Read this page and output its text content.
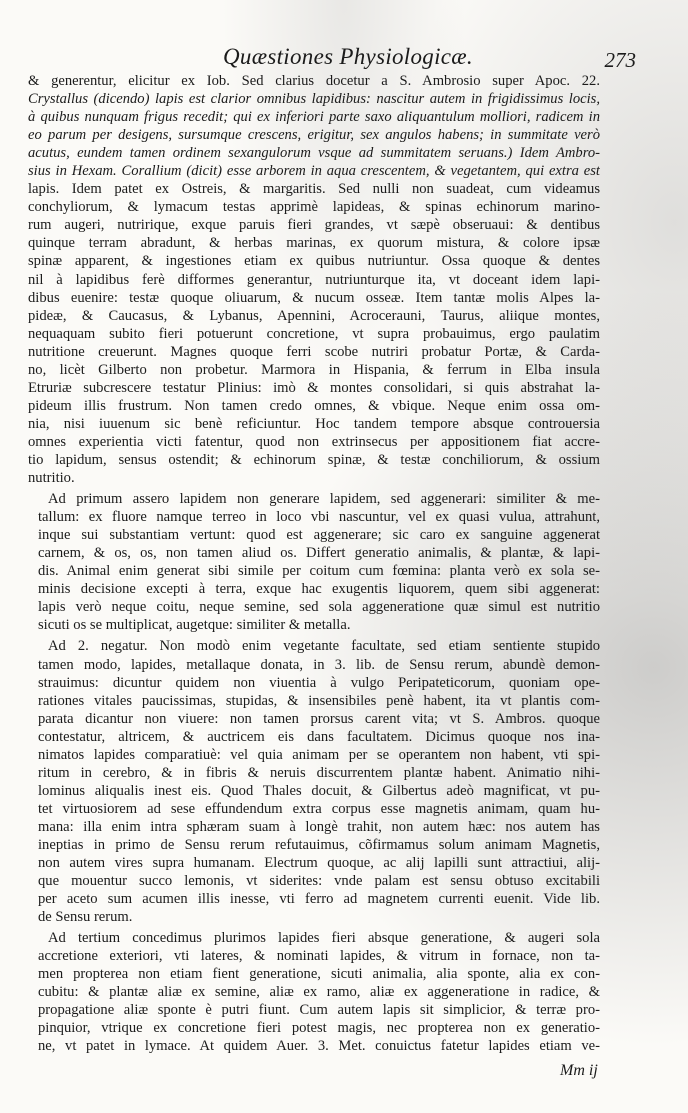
Quæstiones Physiologicæ.	273
& generentur, elicitur ex Iob. Sed clarius docetur a S. Ambrosio super Apoc. 22.
Crystallus (dicendo) lapis est clarior omnibus lapidibus: nascitur autem in frigidissimus locis,
à quibus nunquam frigus recedit; qui ex inferiori parte saxo aliquantulum molliori, radicem in
eo parum per desigens, sursumque crescens, erigitur, sex angulos habens; in summitate verò
acutus, eundem tamen ordinem sexangulorum vsque ad summitatem seruans.) Idem Ambro-
sius in Hexam. Corallium (dicit) esse arborem in aqua crescentem, & vegetantem, qui extra est
lapis. Idem patet ex Ostreis, & margaritis. Sed nulli non suadeat, cum videamus
conchyliorum, & lymacum testas apprimè lapideas, & spinas echinorum marino-
rum augeri, nutririque, exque paruis fieri grandes, vt sæpè obseruaui: & dentibus
quinque terram abradunt, & herbas marinas, ex quorum mistura, & colore ipsæ
spinæ apparent, & ingestiones etiam ex quibus nutriuntur. Ossa quoque & dentes
nil à lapidibus ferè difformes generantur, nutriunturque ita, vt doceant idem lapi-
dibus euenire: testæ quoque oliuarum, & nucum osseæ. Item tantæ molis Alpes la-
pideæ, & Caucasus, & Lybanus, Apennini, Acroceraunі, Taurus, aliique montes,
nequaquam subito fieri potuerunt concretione, vt supra probauimus, ergo paulatim
nutritione creuerunt. Magnes quoque ferri scobe nutriri probatur Portæ, & Cardа-
no, licèt Gilberto non probetur. Marmora in Hispania, & ferrum in Elba insula
Etruriæ subcrescere testatur Plinius: imò & montes consolidari, si quis abstrahat la-
pideum illis frustrum. Non tamen credo omnes, & vbique. Neque enim ossa om-
nia, nisi iuuenum sic benè reficiuntur. Hoc tandem tempore absque controuersia
omnes experientia victi fatentur, quod non extrinsecus per appositionem fiat accre-
tio lapidum, sensus ostendit; & echinorum spinæ, & testæ conchiliorum, & ossium
nutritio.
Ad primum assero lapidem non generare lapidem, sed aggenerari: similiter & me-
tallum: ex fluore namque terreo in loco vbi nascuntur, vel ex quasi vulua, attrahunt,
inque sui substantiam vertunt: quod est aggenerare; sic caro ex sanguine aggenerat
carnem, & os, os, non tamen aliud os. Differt generatio animalis, & plantæ, & lapi-
dis. Animal enim generat sibi simile per coitum cum fœmina: planta verò ex sola se-
minis decisione excepti à terra, exque hac exugentis liquorem, quem sibi aggenerat:
lapis verò neque coitu, neque semine, sed sola aggeneratione quæ simul est nutritio
sicuti os se multiplicat, augetque: similiter & metalla.
Ad 2. negatur. Non modò enim vegetante facultate, sed etiam sentiente stupido
tamen modo, lapides, metallaque donata, in 3. lib. de Sensu rerum, abundè demon-
strauimus: dicuntur quidem non viuentia à vulgo Peripateticorum, quoniam ope-
rationes vitales paucissimas, stupidas, & insensibiles penè habent, ita vt plantis com-
parata dicantur non viuere: non tamen prorsus carent vita; vt S. Ambros. quoque
contestatur, altricem, & auctricem eis dans facultatem. Dicimus quoque nos ina-
nimatos lapides comparatiuè: vel quia animam per se operantem non habent, vti spi-
ritum in cerebro, & in fibris & neruis discurrentem plantæ habent. Animatio nihi-
lominus aliqualis inest eis. Quod Thales docuit, & Gilbertus adeò magnificat, vt pu-
tet virtuosiorem ad sese effundendum extra corpus esse magnetis animam, quam hu-
mana: illa enim intra sphæram suam à longè trahit, non autem hæc: nos autem has
ineptias in primo de Sensu rerum refutauimus, cõfirmamus solum animam Magnetis,
non autem vires supra humanam. Electrum quoque, ac alij lapilli sunt attractiui, alij-
que mouentur succo lemonis, vt siderites: vnde palam est sensu obtuso excitabili
per aceto sum acumen illis inesse, vti ferro ad magnetem currenti euenit. Vide lib.
de Sensu rerum.
Ad tertium concedimus plurimos lapides fieri absque generatione, & augeri sola
accretione exteriori, vti lateres, & nominati lapides, & vitrum in fornace, non ta-
men propterea non etiam fient generatione, sicuti animalia, alia sponte, alia ex con-
cubitu: & plantæ aliæ ex semine, aliæ ex ramo, aliæ ex aggeneratione in radice, &
propagatione aliæ sponte è putri fiunt. Cum autem lapis sit simplicior, & terræ pro-
pinquior, vtrique ex concretione fieri potest magis, nec propterea non ex generatio-
ne, vt patet in lymace. At quidem Auer. 3. Met. conuictus fatetur lapides etiam ve-
Mm ij
